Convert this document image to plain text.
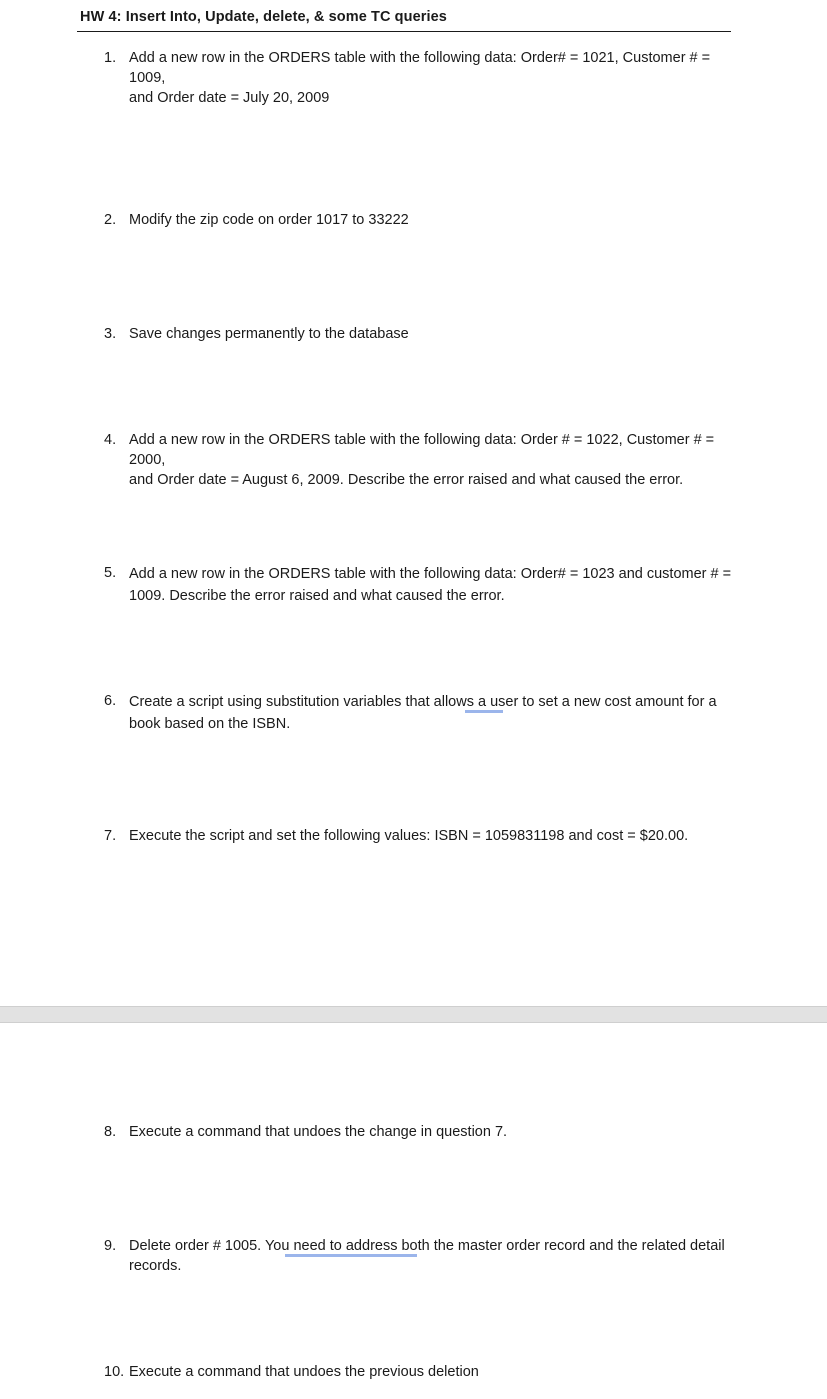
HW 4: Insert Into, Update, delete, & some TC queries
1. Add a new row in the ORDERS table with the following data: Order# = 1021, Customer # = 1009,
and Order date = July 20, 2009
2. Modify the zip code on order 1017 to 33222
3. Save changes permanently to the database
4. Add a new row in the ORDERS table with the following data: Order # = 1022, Customer # = 2000,
and Order date = August 6, 2009. Describe the error raised and what caused the error.
5. Add a new row in the ORDERS table with the following data: Order# = 1023 and customer # =
1009. Describe the error raised and what caused the error.
6. Create a script using substitution variables that allows a user to set a new cost amount for a
book based on the ISBN.
7. Execute the script and set the following values: ISBN = 1059831198 and cost = $20.00.
8. Execute a command that undoes the change in question 7.
9. Delete order # 1005. You need to address both the master order record and the related detail
records.
10. Execute a command that undoes the previous deletion
